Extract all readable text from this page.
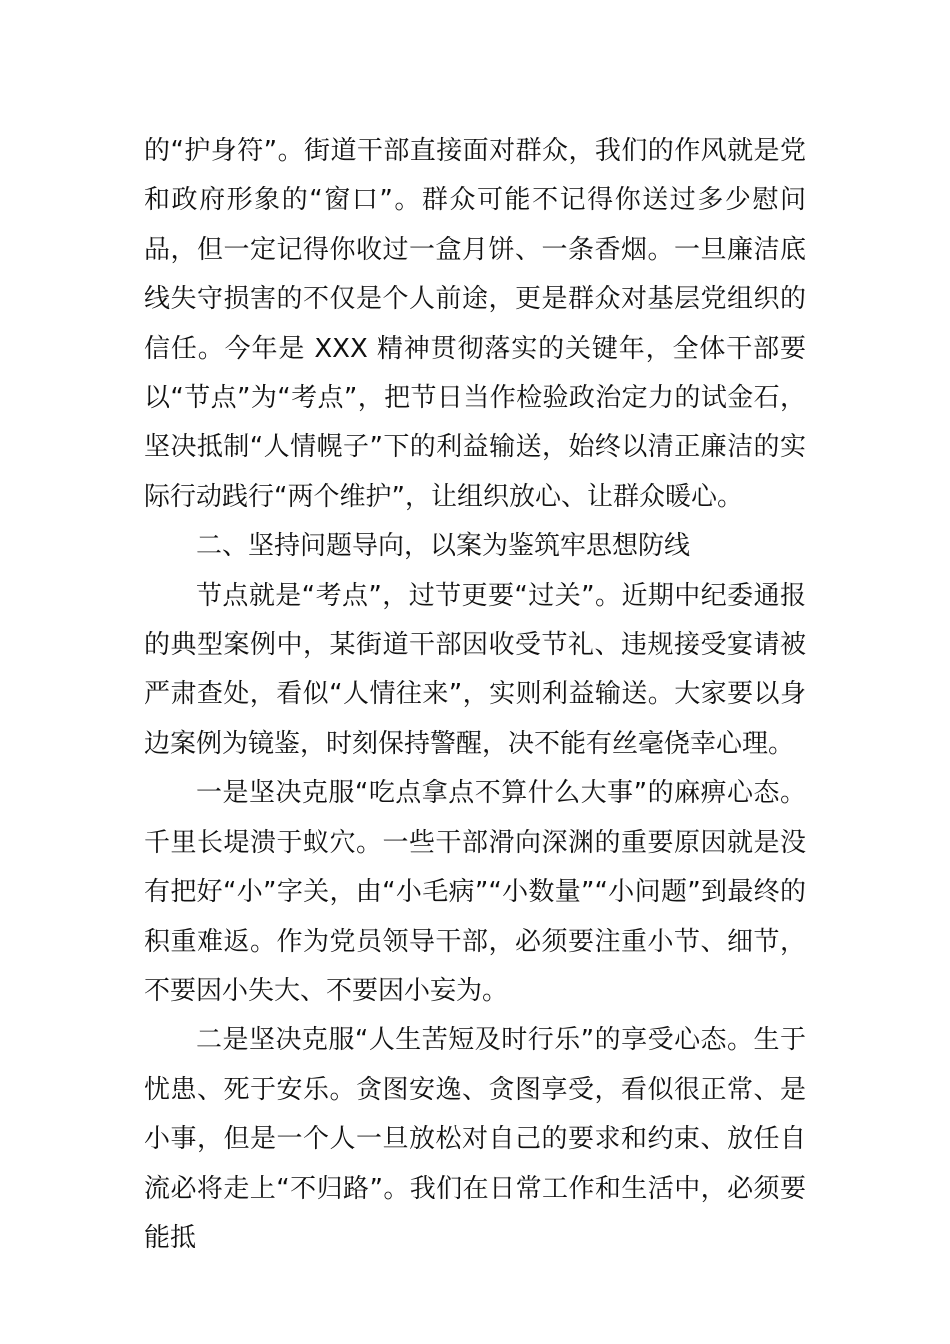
的“护身符”。街道干部直接面对群众，我们的作风就是党和政府形象的“窗口”。群众可能不记得你送过多少慰问品，但一定记得你收过一盒月饼、一条香烟。一旦廉洁底线失守损害的不仅是个人前途，更是群众对基层党组织的信任。今年是 XXX 精神贯彻落实的关键年，全体干部要以“节点”为“考点”，把节日当作检验政治定力的试金石，坚决抵制“人情幌子”下的利益输送，始终以清正廉洁的实际行动践行“两个维护”，让组织放心、让群众暖心。

二、坚持问题导向，以案为鉴筑牢思想防线

节点就是“考点”，过节更要“过关”。近期中纪委通报的典型案例中，某街道干部因收受节礼、违规接受宴请被严肃查处，看似“人情往来”，实则利益输送。大家要以身边案例为镜鉴，时刻保持警醒，决不能有丝毫侥幸心理。

一是坚决克服“吃点拿点不算什么大事”的麻痹心态。千里长堤溃于蚁穴。一些干部滑向深渊的重要原因就是没有把好“小”字关，由“小毛病”“小数量”“小问题”到最终的积重难返。作为党员领导干部，必须要注重小节、细节，不要因小失大、不要因小妄为。

二是坚决克服“人生苦短及时行乐”的享受心态。生于忧患、死于安乐。贪图安逸、贪图享受，看似很正常、是小事，但是一个人一旦放松对自己的要求和约束、放任自流必将走上“不归路”。我们在日常工作和生活中，必须要能抵
